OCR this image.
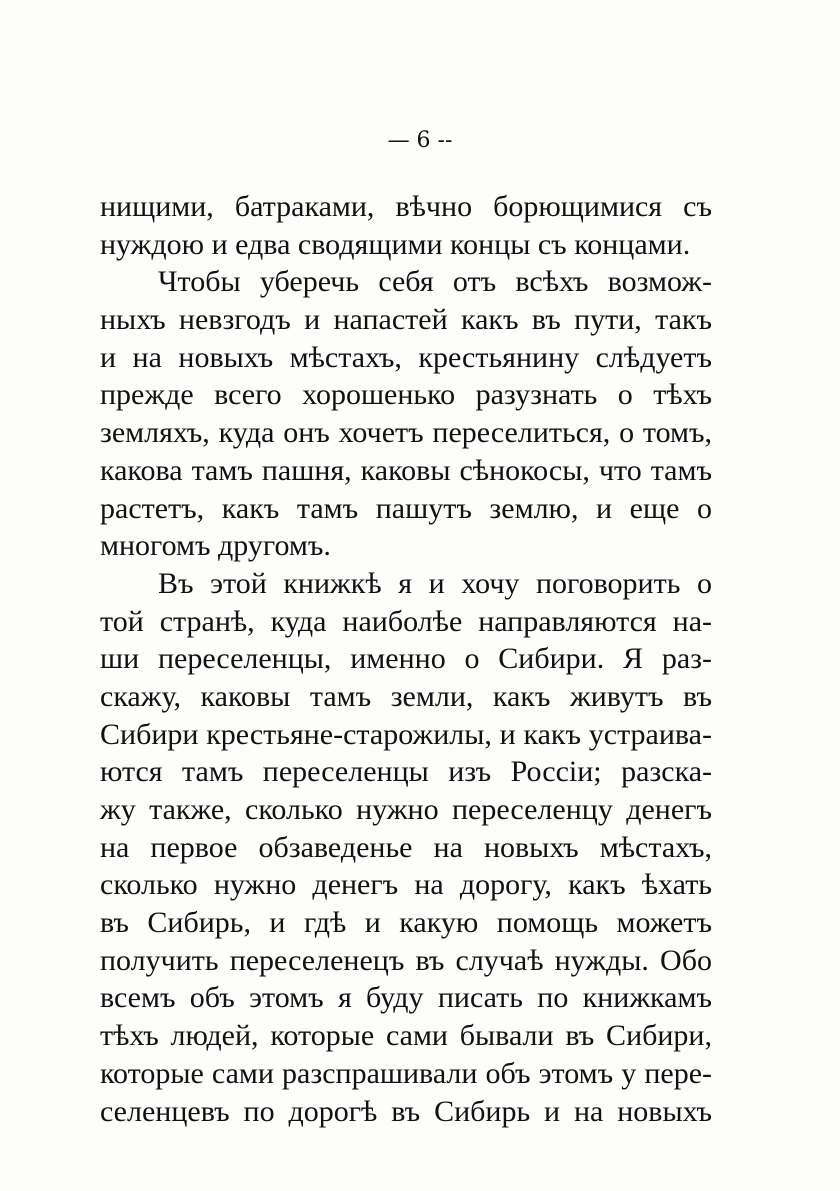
— 6 --
нищими, батраками, вѣчно борющимися съ
нуждою и едва сводящими концы съ концами.
Чтобы уберечь себя отъ всѣхъ возмож-
ныхъ невзгодъ и напастей какъ въ пути, такъ
и на новыхъ мѣстахъ, крестьянину слѣдуетъ
прежде всего хорошенько разузнать о тѣхъ
земляхъ, куда онъ хочетъ переселиться, о томъ,
какова тамъ пашня, каковы сѣнокосы, что тамъ
растетъ, какъ тамъ пашутъ землю, и еще о
многомъ другомъ.
Въ этой книжкѣ я и хочу поговорить о
той странѣ, куда наиболѣе направляются на-
ши переселенцы, именно о Сибири. Я раз-
скажу, каковы тамъ земли, какъ живутъ въ
Сибири крестьяне-старожилы, и какъ устраива-
ются тамъ переселенцы изъ Россіи; разска-
жу также, сколько нужно переселенцу денегъ
на первое обзаведенье на новыхъ мѣстахъ,
сколько нужно денегъ на дорогу, какъ ѣхать
въ Сибирь, и гдѣ и какую помощь можетъ
получить переселенецъ въ случаѣ нужды. Обо
всемъ объ этомъ я буду писать по книжкамъ
тѣхъ людей, которые сами бывали въ Сибири,
которые сами разспрашивали объ этомъ у пере-
селенцевъ по дорогѣ въ Сибирь и на новыхъ
